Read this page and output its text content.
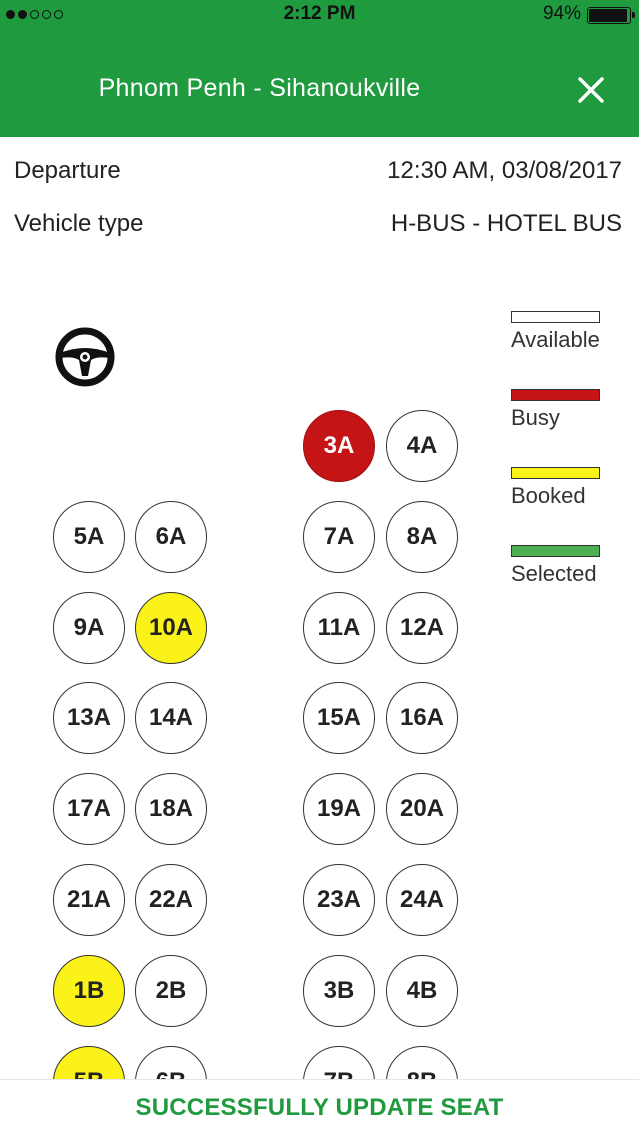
2:12 PM	94%
Phnom Penh - Sihanoukville
Departure	12:30 AM, 03/08/2017
Vehicle type	H-BUS - HOTEL BUS
3A	4A
5A	6A	7A	8A
9A	10A	11A	12A
13A	14A	15A	16A
17A	18A	19A	20A
21A	22A	23A	24A
1B	2B	3B	4B
Available
Busy
Booked
Selected
SUCCESSFULLY UPDATE SEAT
